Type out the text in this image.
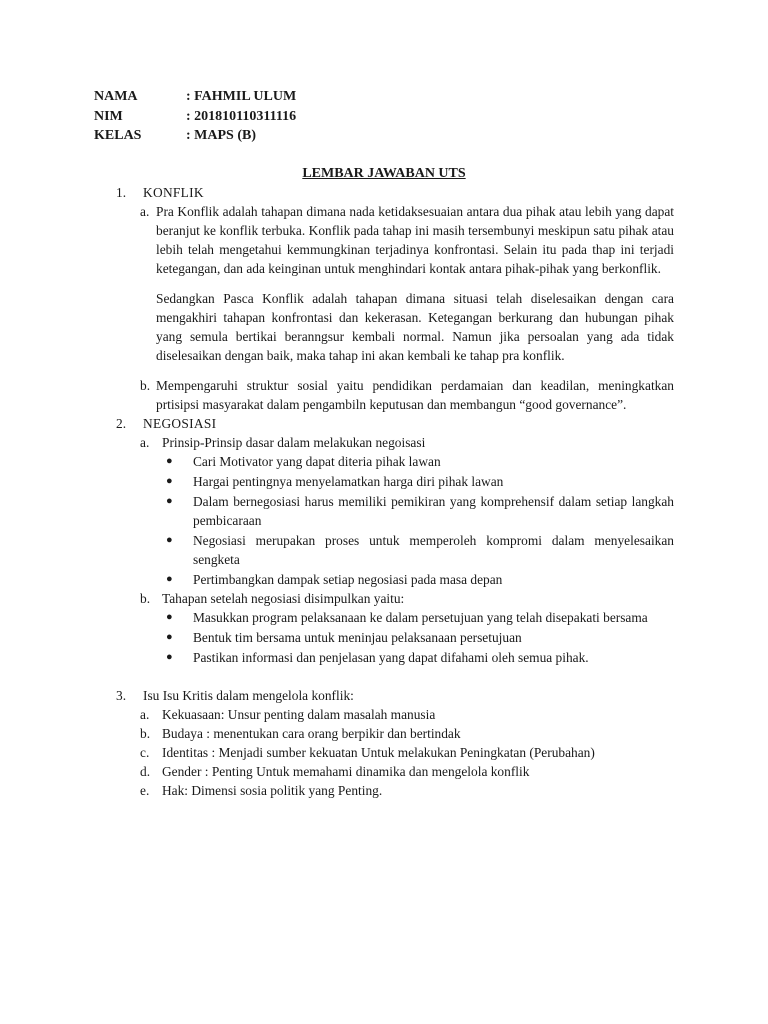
NAMA	: FAHMIL ULUM
NIM	: 201810110311116
KELAS	: MAPS (B)
LEMBAR JAWABAN UTS
1.	KONFLIK
a. Pra Konflik adalah tahapan dimana nada ketidaksesuaian antara dua pihak atau lebih yang dapat beranjut ke konflik terbuka. Konflik pada tahap ini masih tersembunyi meskipun satu pihak atau lebih telah mengetahui kemmungkinan terjadinya konfrontasi. Selain itu pada thap ini terjadi ketegangan, dan ada keinginan untuk menghindari kontak antara pihak-pihak yang berkonflik.
Sedangkan Pasca Konflik adalah tahapan dimana situasi telah diselesaikan dengan cara mengakhiri tahapan konfrontasi dan kekerasan. Ketegangan berkurang dan hubungan pihak yang semula bertikai beranngsur kembali normal. Namun jika persoalan yang ada tidak diselesaikan dengan baik, maka tahap ini akan kembali ke tahap pra konflik.
b. Mempengaruhi struktur sosial yaitu pendidikan perdamaian dan keadilan, meningkatkan prtisipsi masyarakat dalam pengambiln keputusan dan membangun “good governance”.
2.	NEGOSIASI
a. Prinsip-Prinsip dasar dalam melakukan negoisasi
●	Cari Motivator yang dapat diteria pihak lawan
●	Hargai pentingnya menyelamatkan harga diri pihak lawan
●	Dalam bernegosiasi harus memiliki pemikiran yang komprehensif dalam setiap langkah pembicaraan
●	Negosiasi merupakan proses untuk memperoleh kompromi dalam menyelesaikan sengketa
●	Pertimbangkan dampak setiap negosiasi pada masa depan
b. Tahapan setelah negosiasi disimpulkan yaitu:
●	Masukkan program pelaksanaan ke dalam persetujuan yang telah disepakati bersama
●	Bentuk tim bersama untuk meninjau pelaksanaan persetujuan
●	Pastikan informasi dan penjelasan yang dapat difahami oleh semua pihak.
3.	Isu Isu Kritis dalam mengelola konflik:
a. Kekuasaan: Unsur penting dalam masalah manusia
b. Budaya : menentukan cara orang berpikir dan bertindak
c. Identitas : Menjadi sumber kekuatan Untuk melakukan Peningkatan (Perubahan)
d. Gender : Penting Untuk memahami dinamika dan mengelola konflik
e. Hak: Dimensi sosia politik yang Penting.
